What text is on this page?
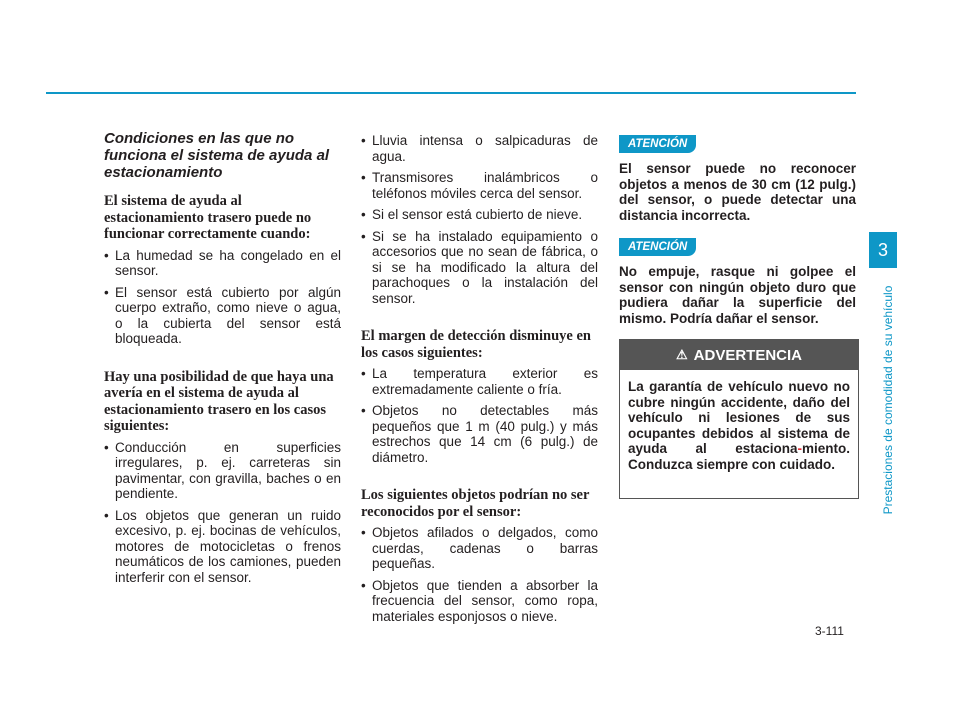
Condiciones en las que no funciona el sistema de ayuda al estacionamiento
El sistema de ayuda al estacionamiento trasero puede no funcionar correctamente cuando:
• La humedad se ha congelado en el sensor.
• El sensor está cubierto por algún cuerpo extraño, como nieve o agua, o la cubierta del sensor está bloqueada.
Hay una posibilidad de que haya una avería en el sistema de ayuda al estacionamiento trasero en los casos siguientes:
• Conducción en superficies irregulares, p. ej. carreteras sin pavimentar, con gravilla, baches o en pendiente.
• Los objetos que generan un ruido excesivo, p. ej. bocinas de vehículos, motores de motocicletas o frenos neumáticos de los camiones, pueden interferir con el sensor.
• Lluvia intensa o salpicaduras de agua.
• Transmisores inalámbricos o teléfonos móviles cerca del sensor.
• Si el sensor está cubierto de nieve.
• Si se ha instalado equipamiento o accesorios que no sean de fábrica, o si se ha modificado la altura del parachoques o la instalación del sensor.
El margen de detección disminuye en los casos siguientes:
• La temperatura exterior es extremadamente caliente o fría.
• Objetos no detectables más pequeños que 1 m (40 pulg.) y más estrechos que 14 cm (6 pulg.) de diámetro.
Los siguientes objetos podrían no ser reconocidos por el sensor:
• Objetos afilados o delgados, como cuerdas, cadenas o barras pequeñas.
• Objetos que tienden a absorber la frecuencia del sensor, como ropa, materiales esponjosos o nieve.
ATENCIÓN

El sensor puede no reconocer objetos a menos de 30 cm (12 pulg.) del sensor, o puede detectar una distancia incorrecta.

ATENCIÓN

No empuje, rasque ni golpee el sensor con ningún objeto duro que pudiera dañar la superficie del mismo. Podría dañar el sensor.

⚠ ADVERTENCIA
La garantía de vehículo nuevo no cubre ningún accidente, daño del vehículo ni lesiones de sus ocupantes debidos al sistema de ayuda al estaciona-miento. Conduzca siempre con cuidado.
3
Prestaciones de comodidad de su vehículo
3-111
